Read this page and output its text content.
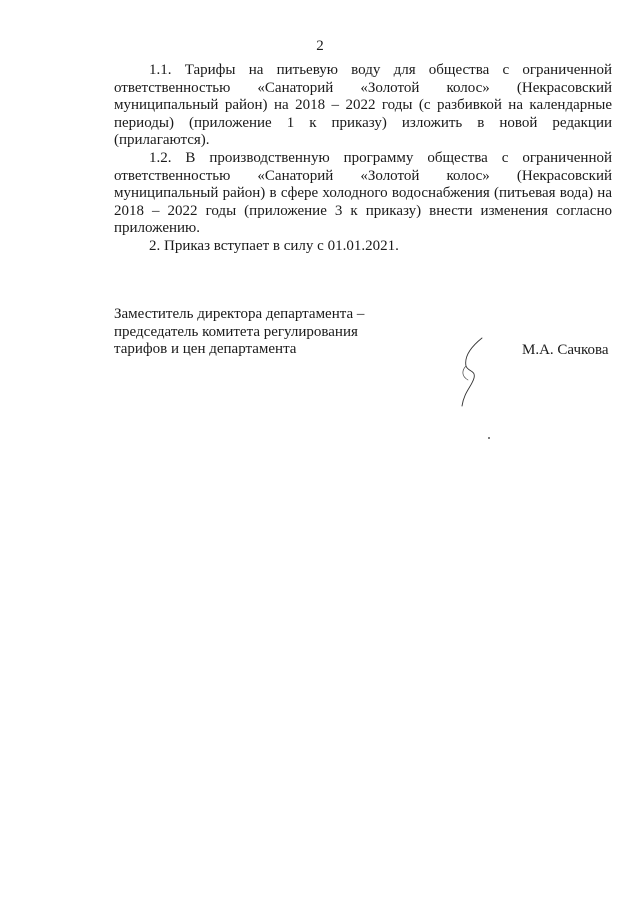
2

1.1. Тарифы на питьевую воду для общества с ограниченной ответственностью «Санаторий «Золотой колос» (Некрасовский муниципальный район) на 2018 – 2022 годы (с разбивкой на календарные периоды) (приложение 1 к приказу) изложить в новой редакции (прилагаются).

1.2. В производственную программу общества с ограниченной ответственностью «Санаторий «Золотой колос» (Некрасовский муниципальный район) в сфере холодного водоснабжения (питьевая вода) на 2018 – 2022 годы (приложение 3 к приказу) внести изменения согласно приложению.

2. Приказ вступает в силу с 01.01.2021.

Заместитель директора департамента –
председатель комитета регулирования
тарифов и цен департамента	М.А. Сачкова
